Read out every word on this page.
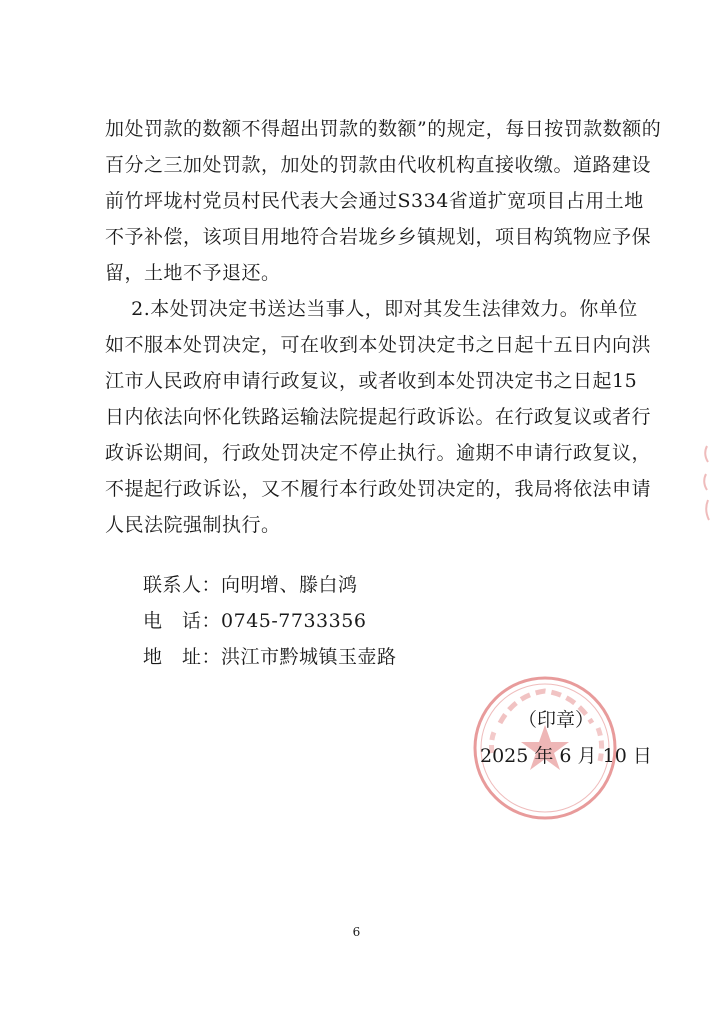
加处罚款的数额不得超出罚款的数额”的规定，每日按罚款数额的
百分之三加处罚款，加处的罚款由代收机构直接收缴。道路建设
前竹坪垅村党员村民代表大会通过S334省道扩宽项目占用土地
不予补偿，该项目用地符合岩垅乡乡镇规划，项目构筑物应予保
留，土地不予退还。
2.本处罚决定书送达当事人，即对其发生法律效力。你单位
如不服本处罚决定，可在收到本处罚决定书之日起十五日内向洪
江市人民政府申请行政复议，或者收到本处罚决定书之日起15
日内依法向怀化铁路运输法院提起行政诉讼。在行政复议或者行
政诉讼期间，行政处罚决定不停止执行。逾期不申请行政复议，
不提起行政诉讼，又不履行本行政处罚决定的，我局将依法申请
人民法院强制执行。
联系人：向明增、滕白鸿
电　话：0745-7733356
地　址：洪江市黔城镇玉壶路
（印章）
2025 年 6 月 10 日
6
